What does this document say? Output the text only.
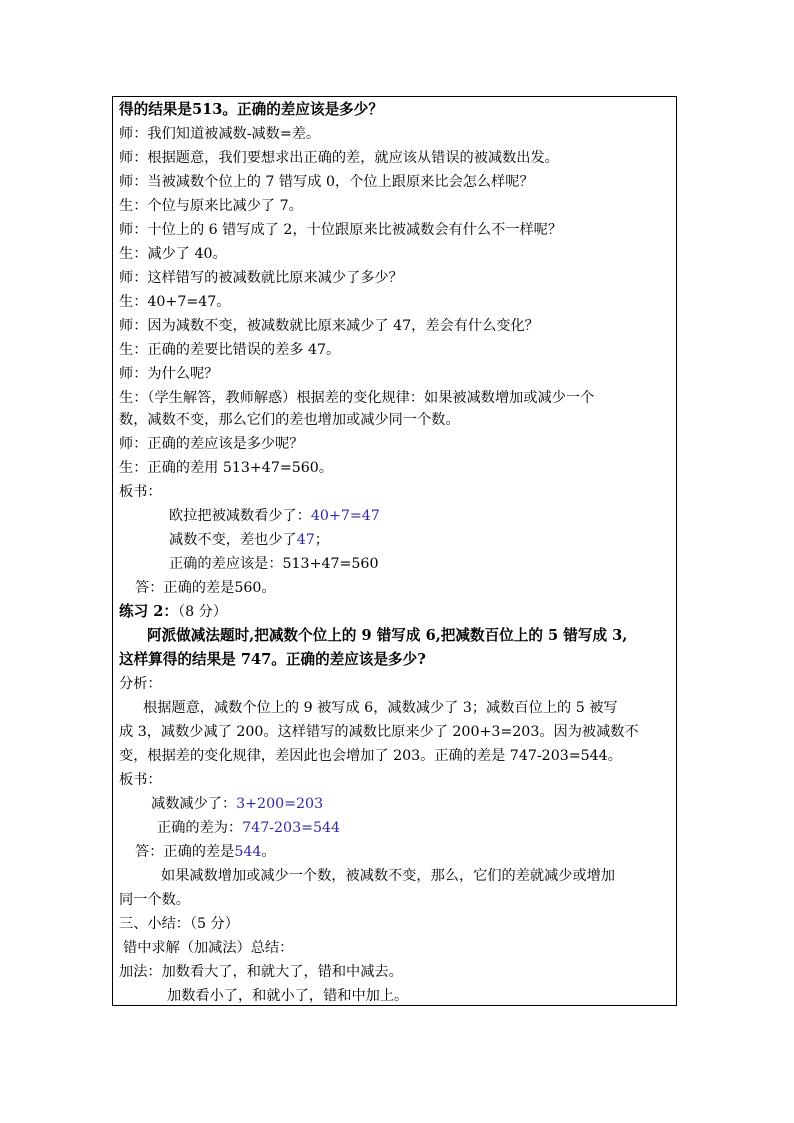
得的结果是513。正确的差应该是多少？
师：我们知道被减数-减数=差。
师：根据题意，我们要想求出正确的差，就应该从错误的被减数出发。
师：当被减数个位上的 7 错写成 0，个位上跟原来比会怎么样呢？
生：个位与原来比减少了 7。
师：十位上的 6 错写成了 2，十位跟原来比被减数会有什么不一样呢？
生：减少了 40。
师：这样错写的被减数就比原来减少了多少？
生：40+7=47。
师：因为减数不变，被减数就比原来减少了 47，差会有什么变化？
生：正确的差要比错误的差多 47。
师：为什么呢？
生：（学生解答，教师解惑）根据差的变化规律：如果被减数增加或减少一个
数，减数不变，那么它们的差也增加或减少同一个数。
师：正确的差应该是多少呢？
生：正确的差用 513+47=560。
板书：
欧拉把被减数看少了：40+7=47
减数不变，差也少了47；
正确的差应该是：513+47=560
答：正确的差是560。
练习 2：（8 分）
阿派做减法题时,把减数个位上的 9 错写成 6,把减数百位上的 5 错写成 3,
这样算得的结果是 747。正确的差应该是多少?
分析：
根据题意，减数个位上的 9 被写成 6，减数减少了 3；减数百位上的 5 被写
成 3，减数少减了 200。这样错写的减数比原来少了 200+3=203。因为被减数不
变，根据差的变化规律，差因此也会增加了 203。正确的差是 747-203=544。
板书：
减数减少了：3+200=203
正确的差为：747-203=544
答：正确的差是544。
如果减数增加或减少一个数，被减数不变，那么，它们的差就减少或增加
同一个数。
三、小结：（5 分）
错中求解（加减法）总结：
加法：加数看大了，和就大了，错和中减去。
加数看小了，和就小了，错和中加上。
